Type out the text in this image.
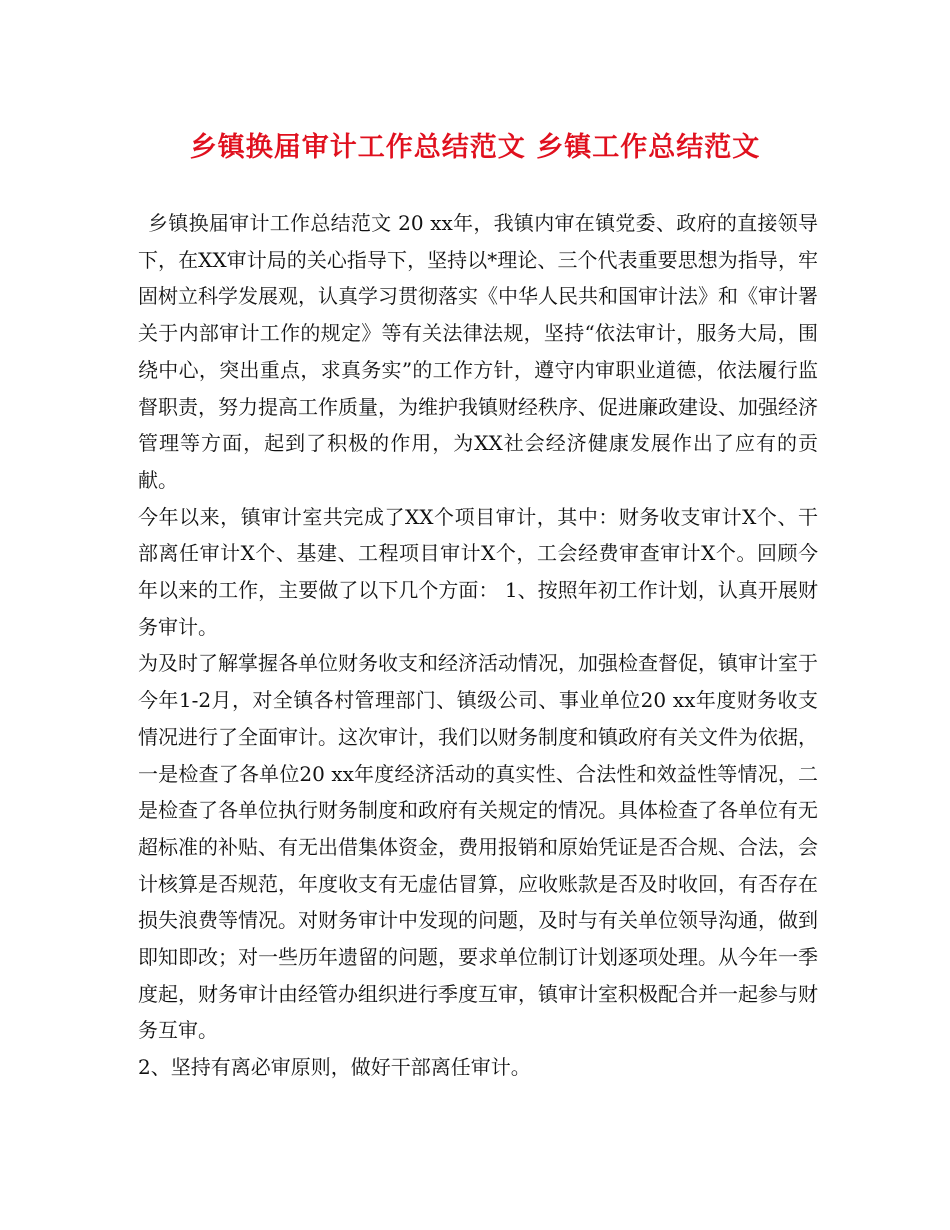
乡镇换届审计工作总结范文 乡镇工作总结范文

乡镇换届审计工作总结范文 20 xx年，我镇内审在镇党委、政府的直接领导下，在XX审计局的关心指导下，坚持以*理论、三个代表重要思想为指导，牢固树立科学发展观，认真学习贯彻落实《中华人民共和国审计法》和《审计署关于内部审计工作的规定》等有关法律法规，坚持“依法审计，服务大局，围绕中心，突出重点，求真务实”的工作方针，遵守内审职业道德，依法履行监督职责，努力提高工作质量，为维护我镇财经秩序、促进廉政建设、加强经济管理等方面，起到了积极的作用，为XX社会经济健康发展作出了应有的贡献。

今年以来，镇审计室共完成了XX个项目审计，其中：财务收支审计X个、干部离任审计X个、基建、工程项目审计X个，工会经费审查审计X个。回顾今年以来的工作，主要做了以下几个方面： 1、按照年初工作计划，认真开展财务审计。

为及时了解掌握各单位财务收支和经济活动情况，加强检查督促，镇审计室于今年1-2月，对全镇各村管理部门、镇级公司、事业单位20 xx年度财务收支情况进行了全面审计。这次审计，我们以财务制度和镇政府有关文件为依据，一是检查了各单位20 xx年度经济活动的真实性、合法性和效益性等情况，二是检查了各单位执行财务制度和政府有关规定的情况。具体检查了各单位有无超标准的补贴、有无出借集体资金，费用报销和原始凭证是否合规、合法，会计核算是否规范，年度收支有无虚估冒算，应收账款是否及时收回，有否存在损失浪费等情况。对财务审计中发现的问题，及时与有关单位领导沟通，做到即知即改；对一些历年遗留的问题，要求单位制订计划逐项处理。从今年一季度起，财务审计由经管办组织进行季度互审，镇审计室积极配合并一起参与财务互审。

2、坚持有离必审原则，做好干部离任审计。
